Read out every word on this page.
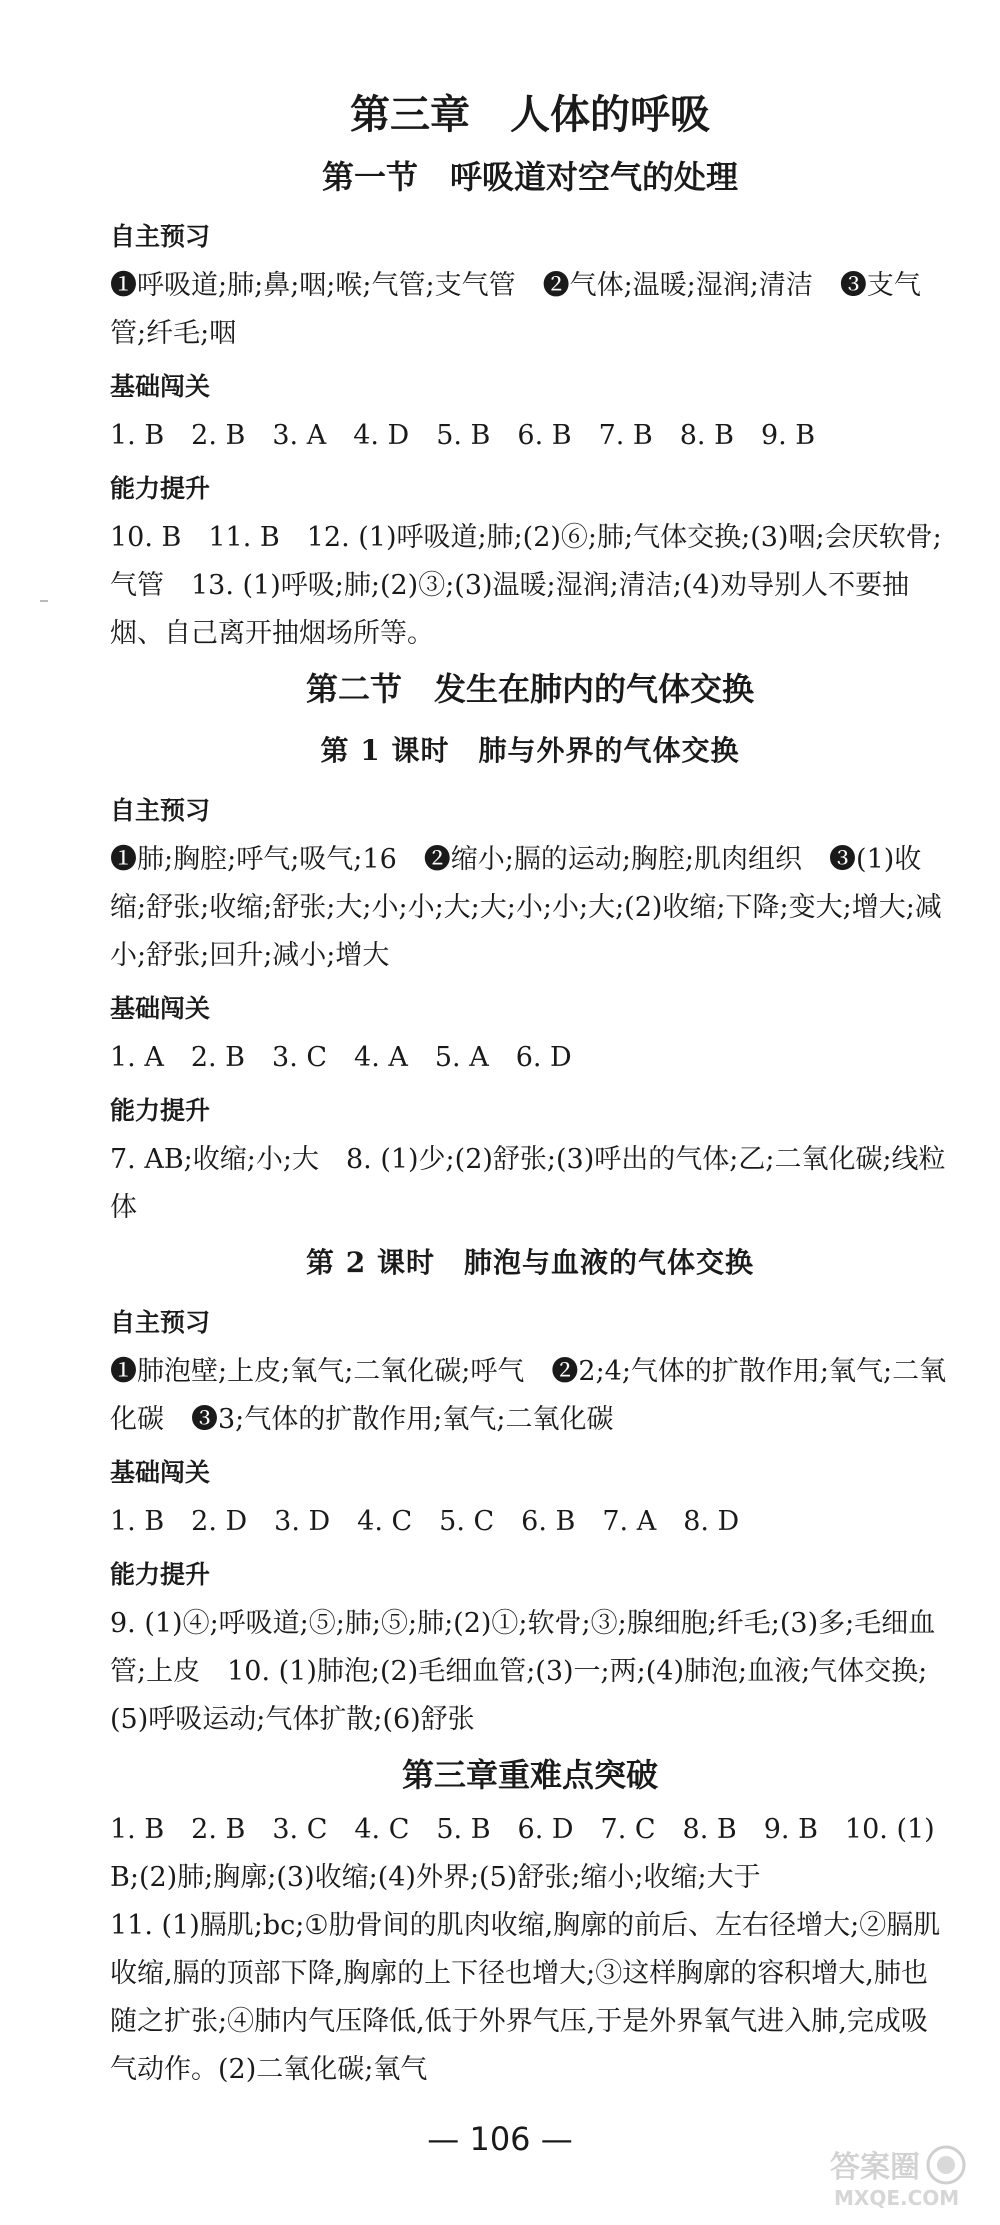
第三章　人体的呼吸
第一节　呼吸道对空气的处理
自主预习

❶呼吸道;肺;鼻;咽;喉;气管;支气管　❷气体;温暖;湿润;清洁　❸支气管;纤毛;咽

基础闯关

1. B　2. B　3. A　4. D　5. B　6. B　7. B　8. B　9. B

能力提升

10. B　11. B　12. (1)呼吸道;肺;(2)⑥;肺;气体交换;(3)咽;会厌软骨;气管　13. (1)呼吸;肺;(2)③;(3)温暖;湿润;清洁;(4)劝导别人不要抽烟、自己离开抽烟场所等。

第二节　发生在肺内的气体交换
第 1 课时　肺与外界的气体交换
自主预习

❶肺;胸腔;呼气;吸气;16　❷缩小;膈的运动;胸腔;肌肉组织　❸(1)收缩;舒张;收缩;舒张;大;小;小;大;大;小;小;大;(2)收缩;下降;变大;增大;减小;舒张;回升;减小;增大

基础闯关

1. A　2. B　3. C　4. A　5. A　6. D

能力提升

7. AB;收缩;小;大　8. (1)少;(2)舒张;(3)呼出的气体;乙;二氧化碳;线粒体

第 2 课时　肺泡与血液的气体交换
自主预习

❶肺泡壁;上皮;氧气;二氧化碳;呼气　❷2;4;气体的扩散作用;氧气;二氧化碳　❸3;气体的扩散作用;氧气;二氧化碳

基础闯关

1. B　2. D　3. D　4. C　5. C　6. B　7. A　8. D

能力提升

9. (1)④;呼吸道;⑤;肺;⑤;肺;(2)①;软骨;③;腺细胞;纤毛;(3)多;毛细血管;上皮　10. (1)肺泡;(2)毛细血管;(3)一;两;(4)肺泡;血液;气体交换;(5)呼吸运动;气体扩散;(6)舒张

第三章重难点突破

1. B　2. B　3. C　4. C　5. B　6. D　7. C　8. B　9. B　10. (1)B;(2)肺;胸廓;(3)收缩;(4)外界;(5)舒张;缩小;收缩;大于

11. (1)膈肌;bc;①肋骨间的肌肉收缩,胸廓的前后、左右径增大;②膈肌收缩,膈的顶部下降,胸廓的上下径也增大;③这样胸廓的容积增大,肺也随之扩张;④肺内气压降低,低于外界气压,于是外界氧气进入肺,完成吸气动作。(2)二氧化碳;氧气

— 106 —
答案圈
MXQE.COM
